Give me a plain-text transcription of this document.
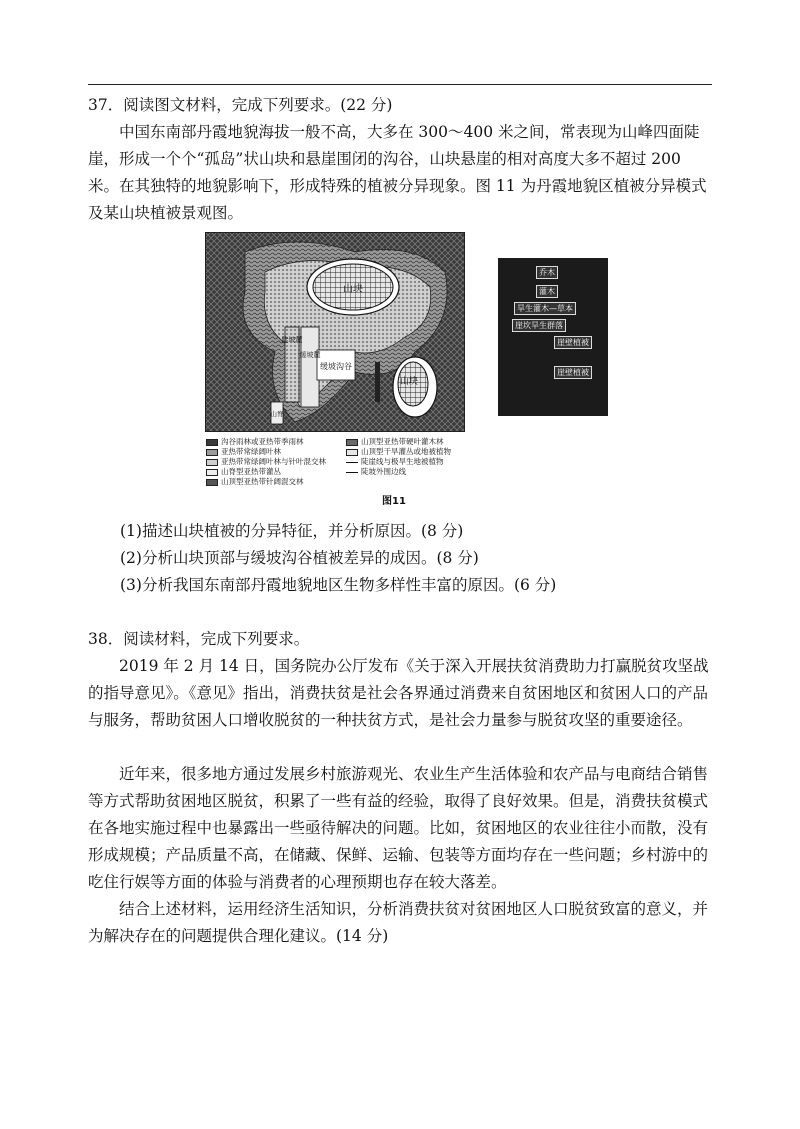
37．阅读图文材料，完成下列要求。(22 分)

中国东南部丹霞地貌海拔一般不高，大多在 300～400 米之间，常表现为山峰四面陡崖，形成一个个“孤岛”状山块和悬崖围闭的沟谷，山块悬崖的相对高度大多不超过 200 米。在其独特的地貌影响下，形成特殊的植被分异现象。图 11 为丹霞地貌区植被分异模式及某山块植被景观图。

山块
山块
缓坡沟谷
陡坡麓
缓坡麓
山脊
乔木
灌木
旱生灌木—草本
崖坎旱生群落
崖壁植被
崖壁植被
沟谷雨林或亚热带季雨林
亚热带常绿阔叶林
亚热带常绿阔叶林与针叶混交林
山脊型亚热带灌丛
山顶型亚热带针阔混交林
山顶型亚热带硬叶灌木林
山顶型干旱灌丛或地被植物
陡崖线与极旱生地被植物
陡坡外围边线
图11
(1)描述山块植被的分异特征，并分析原因。(8 分)
(2)分析山块顶部与缓坡沟谷植被差异的成因。(8 分)
(3)分析我国东南部丹霞地貌地区生物多样性丰富的原因。(6 分)

38．阅读材料，完成下列要求。

2019 年 2 月 14 日，国务院办公厅发布《关于深入开展扶贫消费助力打赢脱贫攻坚战的指导意见》。《意见》指出，消费扶贫是社会各界通过消费来自贫困地区和贫困人口的产品与服务，帮助贫困人口增收脱贫的一种扶贫方式，是社会力量参与脱贫攻坚的重要途径。

近年来，很多地方通过发展乡村旅游观光、农业生产生活体验和农产品与电商结合销售等方式帮助贫困地区脱贫，积累了一些有益的经验，取得了良好效果。但是，消费扶贫模式在各地实施过程中也暴露出一些亟待解决的问题。比如，贫困地区的农业往往小而散，没有形成规模；产品质量不高，在储藏、保鲜、运输、包装等方面均存在一些问题；乡村游中的吃住行娱等方面的体验与消费者的心理预期也存在较大落差。

结合上述材料，运用经济生活知识，分析消费扶贫对贫困地区人口脱贫致富的意义，并为解决存在的问题提供合理化建议。(14 分)
